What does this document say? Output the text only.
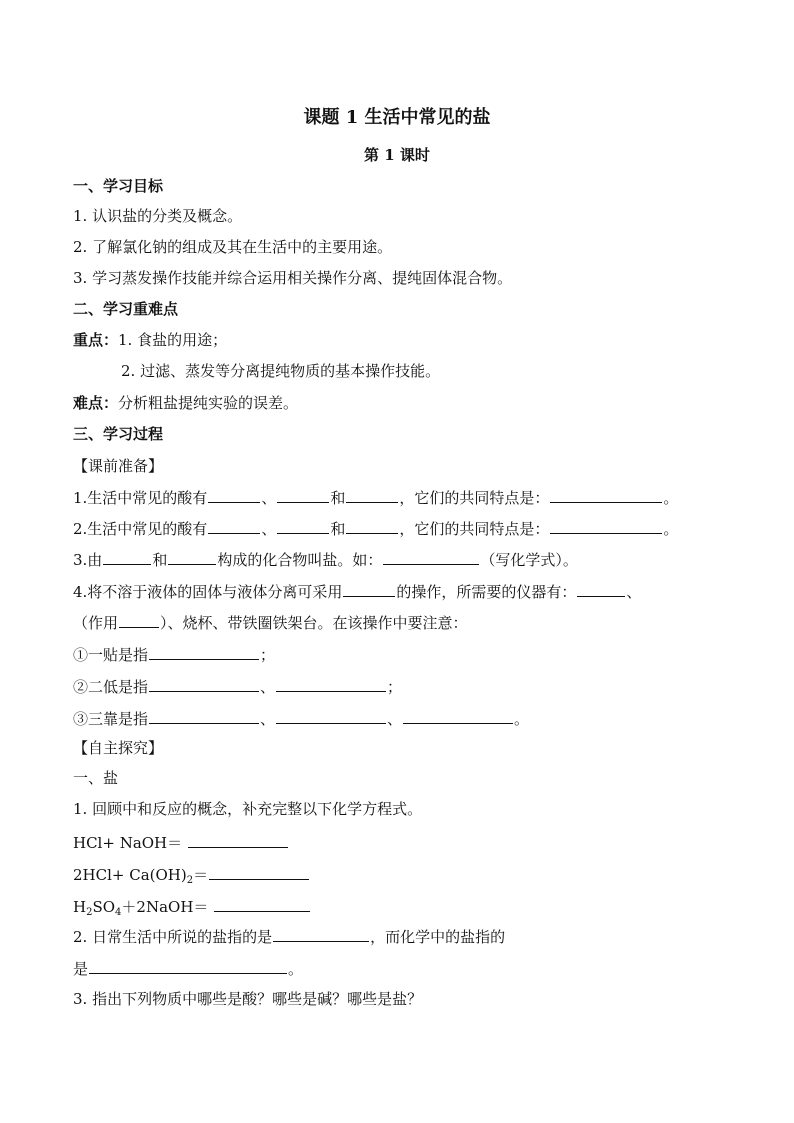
课题 1 生活中常见的盐
第 1 课时
一、学习目标
1. 认识盐的分类及概念。
2. 了解氯化钠的组成及其在生活中的主要用途。
3. 学习蒸发操作技能并综合运用相关操作分离、提纯固体混合物。
二、学习重难点
重点：1. 食盐的用途；
2. 过滤、蒸发等分离提纯物质的基本操作技能。
难点：分析粗盐提纯实验的误差。
三、学习过程
【课前准备】
1.生活中常见的酸有	、	和	，它们的共同特点是：	。
2.生活中常见的酸有	、	和	，它们的共同特点是：	。
3.由	和	构成的化合物叫盐。如：	（写化学式）。
4.将不溶于液体的固体与液体分离可采用	的操作，所需要的仪器有：	、
（作用	）、烧杯、带铁圈铁架台。在该操作中要注意：
①一贴是指	；
②二低是指	、	；
③三靠是指	、	、	。
【自主探究】
一、盐
1. 回顾中和反应的概念，补充完整以下化学方程式。
HCl+ NaOH＝
$2HCl+ Ca(OH)_2=$
$H_2SO_4+2NaOH=$
2. 日常生活中所说的盐指的是	，而化学中的盐指的
是	。
3. 指出下列物质中哪些是酸？哪些是碱？哪些是盐？
